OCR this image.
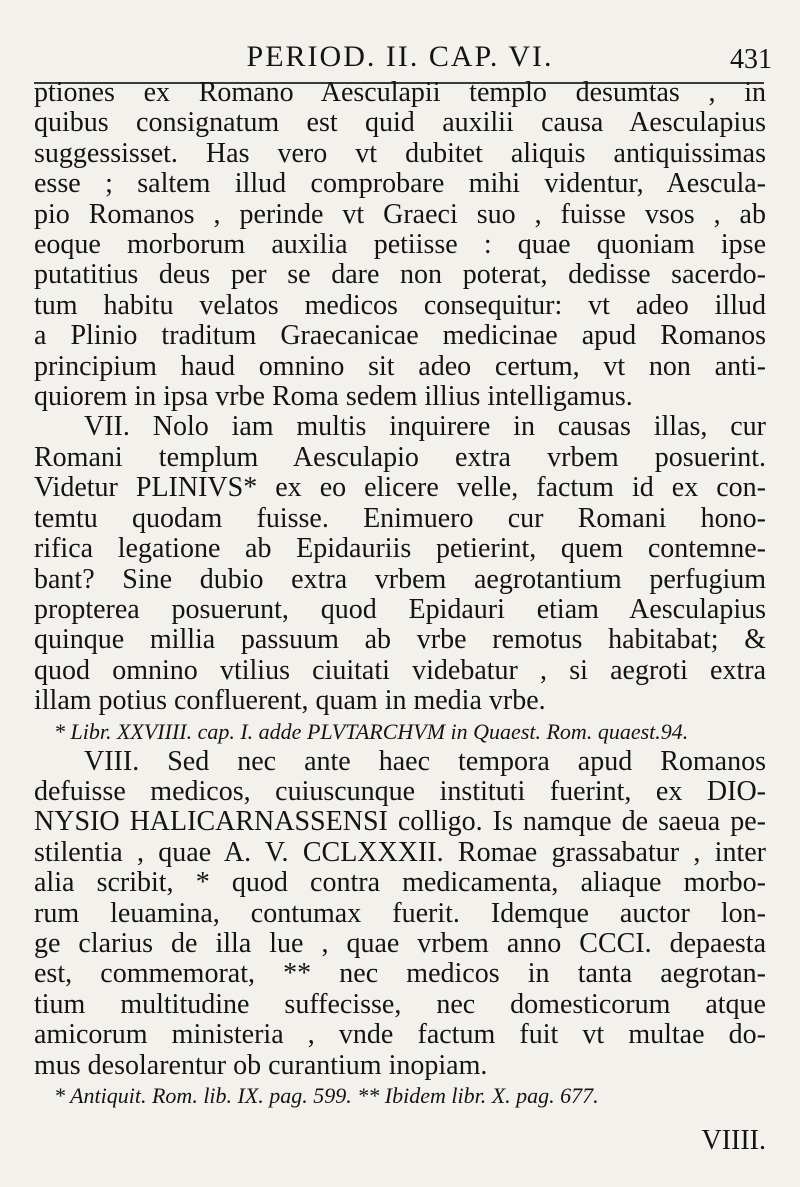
PERIOD. II. CAP. VI.	431
ptiones ex Romano Aesculapii templo desumtas , in
quibus consignatum est quid auxilii causa Aesculapius
suggessisset. Has vero vt dubitet aliquis antiquissimas
esse ; saltem illud comprobare mihi videntur, Aescula-
pio Romanos , perinde vt Graeci suo , fuisse vsos , ab
eoque morborum auxilia petiisse : quae quoniam ipse
putatitius deus per se dare non poterat, dedisse sacerdo-
tum habitu velatos medicos consequitur: vt adeo illud
a Plinio traditum Graecanicae medicinae apud Romanos
principium haud omnino sit adeo certum, vt non anti-
quiorem in ipsa vrbe Roma sedem illius intelligamus.
VII. Nolo iam multis inquirere in causas illas, cur
Romani templum Aesculapio extra vrbem posuerint.
Videtur PLINIVS* ex eo elicere velle, factum id ex con-
temtu quodam fuisse. Enimuero cur Romani hono-
rifica legatione ab Epidauriis petierint, quem contemne-
bant? Sine dubio extra vrbem aegrotantium perfugium
propterea posuerunt, quod Epidauri etiam Aesculapius
quinque millia passuum ab vrbe remotus habitabat; &
quod omnino vtilius ciuitati videbatur , si aegroti extra
illam potius confluerent, quam in media vrbe.
* Libr. XXVIIII. cap. I. adde PLVTARCHVM in Quaest. Rom. quaest.94.
VIII. Sed nec ante haec tempora apud Romanos
defuisse medicos, cuiuscunque instituti fuerint, ex DIO-
NYSIO HALICARNASSENSI colligo. Is namque de saeua pe-
stilentia , quae A. V. CCLXXXII. Romae grassabatur , inter
alia scribit, * quod contra medicamenta, aliaque morbo-
rum leuamina, contumax fuerit. Idemque auctor lon-
ge clarius de illa lue , quae vrbem anno CCCI. depaesta
est, commemorat, ** nec medicos in tanta aegrotan-
tium multitudine suffecisse, nec domesticorum atque
amicorum ministeria , vnde factum fuit vt multae do-
mus desolarentur ob curantium inopiam.
* Antiquit. Rom. lib. IX. pag. 599. ** Ibidem libr. X. pag. 677.
VIIII.
